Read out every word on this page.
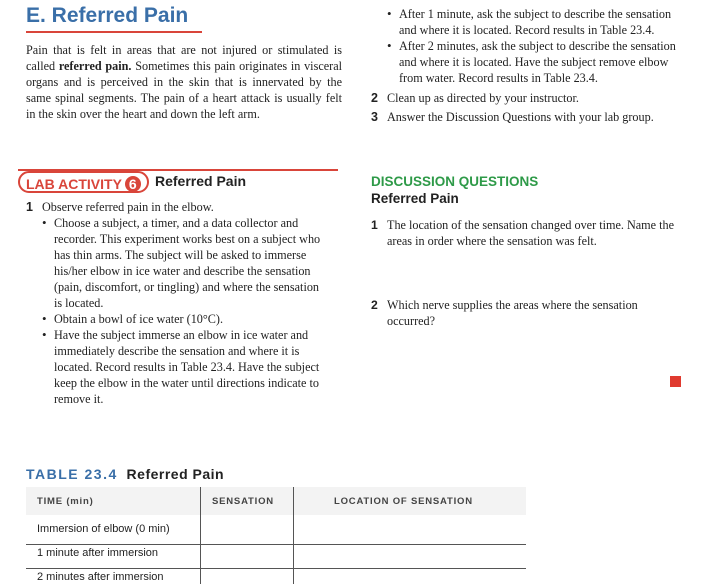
E. Referred Pain

Pain that is felt in areas that are not injured or stimulated is called referred pain. Sometimes this pain originates in visceral organs and is perceived in the skin that is innervated by the same spinal segments. The pain of a heart attack is usually felt in the skin over the heart and down the left arm.

LAB ACTIVITY 6	Referred Pain
1 Observe referred pain in the elbow.
• Choose a subject, a timer, and a data collector and recorder. This experiment works best on a subject who has thin arms. The subject will be asked to immerse his/her elbow in ice water and describe the sensation (pain, discomfort, or tingling) and where the sensation is located.
• Obtain a bowl of ice water (10°C).
• Have the subject immerse an elbow in ice water and immediately describe the sensation and where it is located. Record results in Table 23.4. Have the subject keep the elbow in the water until directions indicate to remove it.
• After 1 minute, ask the subject to describe the sensation and where it is located. Record results in Table 23.4.
• After 2 minutes, ask the subject to describe the sensation and where it is located. Have the subject remove elbow from water. Record results in Table 23.4.
2 Clean up as directed by your instructor.
3 Answer the Discussion Questions with your lab group.
DISCUSSION QUESTIONS
Referred Pain
1 The location of the sensation changed over time. Name the areas in order where the sensation was felt.
2 Which nerve supplies the areas where the sensation occurred?
TABLE 23.4 Referred Pain
TIME (min)	SENSATION	LOCATION OF SENSATION
Immersion of elbow (0 min)
1 minute after immersion
2 minutes after immersion
